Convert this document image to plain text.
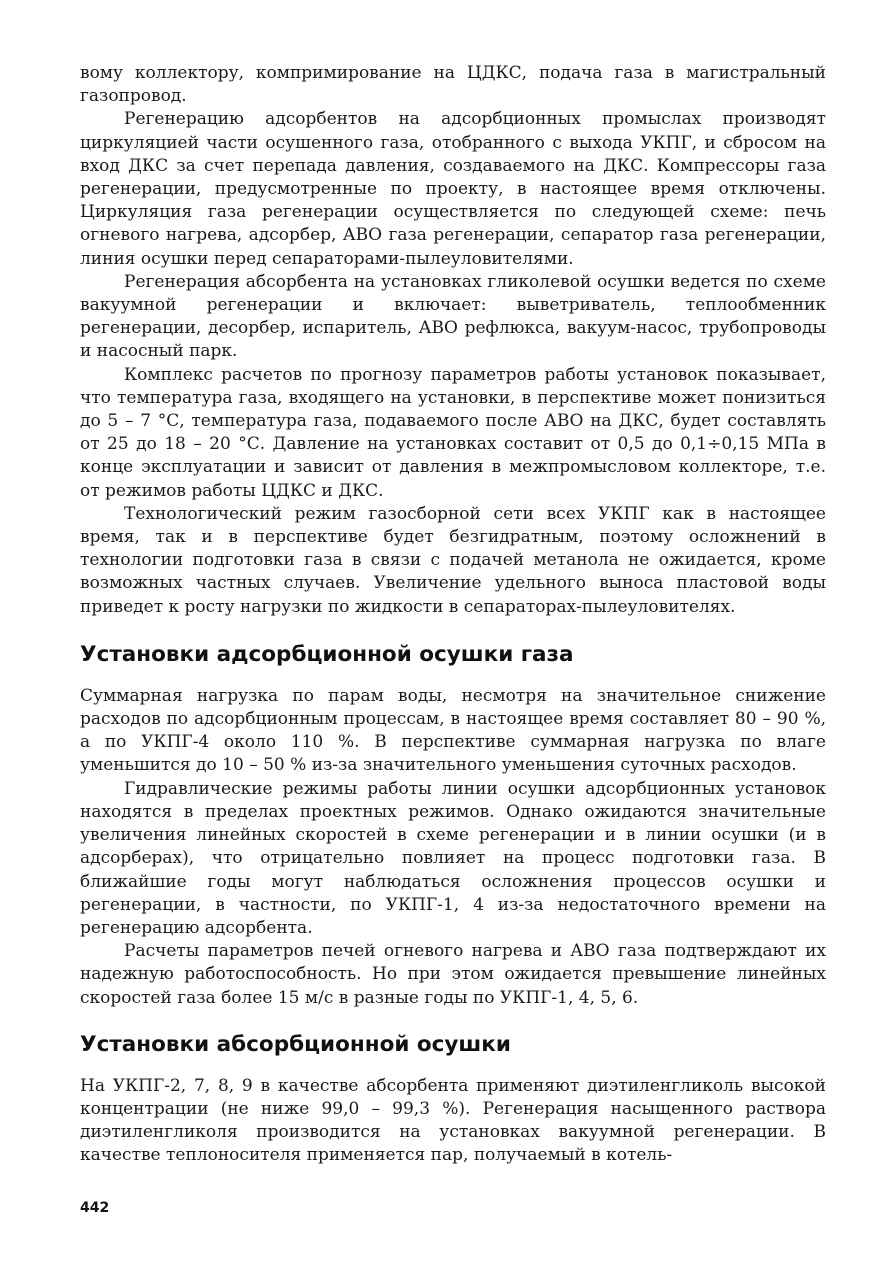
вому коллектору, компримирование на ЦДКС, подача газа в магистральный газопровод.

Регенерацию адсорбентов на адсорбционных промыслах производят циркуляцией части осушенного газа, отобранного с выхода УКПГ, и сбросом на вход ДКС за счет перепада давления, создаваемого на ДКС. Компрессоры газа регенерации, предусмотренные по проекту, в настоящее время отключены. Циркуляция газа регенерации осуществляется по следующей схеме: печь огневого нагрева, адсорбер, АВО газа регенерации, сепаратор газа регенерации, линия осушки перед сепараторами-пылеуловителями.

Регенерация абсорбента на установках гликолевой осушки ведется по схеме вакуумной регенерации и включает: выветриватель, теплообменник регенерации, десорбер, испаритель, АВО рефлюкса, вакуум-насос, трубопроводы и насосный парк.

Комплекс расчетов по прогнозу параметров работы установок показывает, что температура газа, входящего на установки, в перспективе может понизиться до 5 – 7 °С, температура газа, подаваемого после АВО на ДКС, будет составлять от 25 до 18 – 20 °С. Давление на установках составит от 0,5 до 0,1÷0,15 МПа в конце эксплуатации и зависит от давления в межпромысловом коллекторе, т.е. от режимов работы ЦДКС и ДКС.

Технологический режим газосборной сети всех УКПГ как в настоящее время, так и в перспективе будет безгидратным, поэтому осложнений в технологии подготовки газа в связи с подачей метанола не ожидается, кроме возможных частных случаев. Увеличение удельного выноса пластовой воды приведет к росту нагрузки по жидкости в сепараторах-пылеуловителях.

Установки адсорбционной осушки газа

Суммарная нагрузка по парам воды, несмотря на значительное снижение расходов по адсорбционным процессам, в настоящее время составляет 80 – 90 %, а по УКПГ-4 около 110 %. В перспективе суммарная нагрузка по влаге уменьшится до 10 – 50 % из-за значительного уменьшения суточных расходов.

Гидравлические режимы работы линии осушки адсорбционных установок находятся в пределах проектных режимов. Однако ожидаются значительные увеличения линейных скоростей в схеме регенерации и в линии осушки (и в адсорберах), что отрицательно повлияет на процесс подготовки газа. В ближайшие годы могут наблюдаться осложнения процессов осушки и регенерации, в частности, по УКПГ-1, 4 из-за недостаточного времени на регенерацию адсорбента.

Расчеты параметров печей огневого нагрева и АВО газа подтверждают их надежную работоспособность. Но при этом ожидается превышение линейных скоростей газа более 15 м/с в разные годы по УКПГ-1, 4, 5, 6.

Установки абсорбционной осушки

На УКПГ-2, 7, 8, 9 в качестве абсорбента применяют диэтиленгликоль высокой концентрации (не ниже 99,0 – 99,3 %). Регенерация насыщенного раствора диэтиленгликоля производится на установках вакуумной регенерации. В качестве теплоносителя применяется пар, получаемый в котель-

442
